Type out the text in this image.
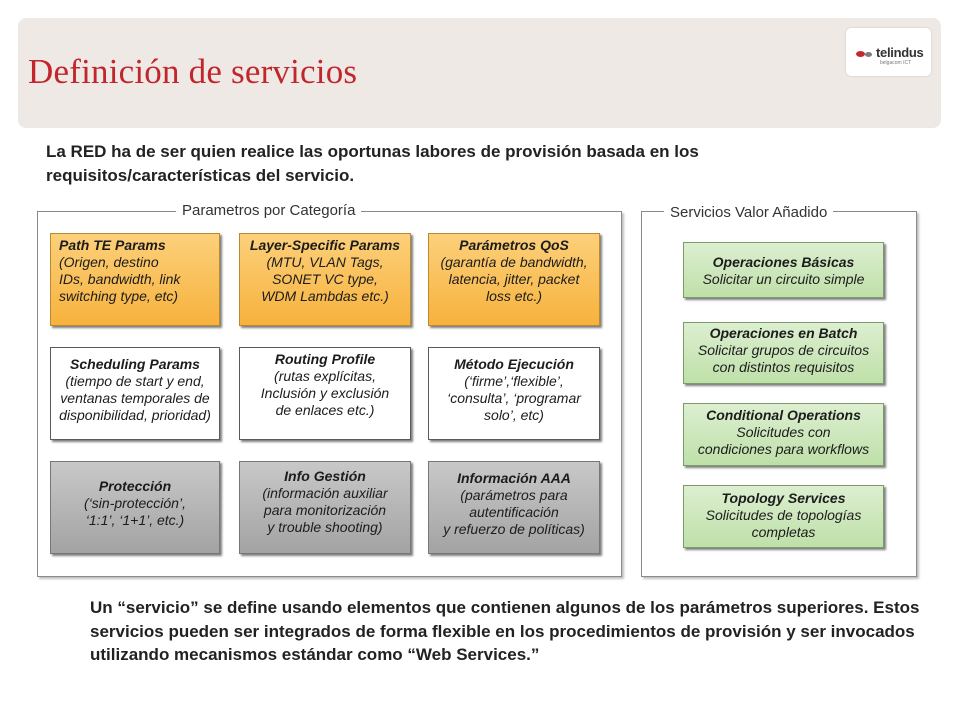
Definición de servicios	telindus
belgacom ICT
La RED ha de ser quien realice las oportunas labores de provisión basada en los requisitos/características del servicio.
Parametros por Categoría	Servicios Valor Añadido
Path TE Params
(Origen, destino
IDs, bandwidth, link
switching type, etc)
Layer-Specific Params
(MTU, VLAN Tags,
SONET VC type,
WDM Lambdas etc.)
Parámetros QoS
(garantía de bandwidth,
latencia, jitter, packet
loss etc.)
Scheduling Params
(tiempo de start y end,
ventanas temporales de
disponibilidad, prioridad)
Routing Profile
(rutas explícitas,
Inclusión y exclusión
de enlaces etc.)
Método Ejecución
(‘firme’,‘flexible’,
‘consulta’, ‘programar
solo’, etc)
Protección
(‘sin-protección’,
‘1:1’, ‘1+1’, etc.)
Info Gestión
(información auxiliar
para monitorización
y trouble shooting)
Información AAA
(parámetros para
autentificación
y refuerzo de políticas)
Operaciones Básicas
Solicitar un circuito simple
Operaciones en Batch
Solicitar grupos de circuitos
con distintos requisitos
Conditional Operations
Solicitudes con
condiciones para workflows
Topology Services
Solicitudes de topologías
completas
Un “servicio” se define usando elementos que contienen algunos de los parámetros superiores. Estos servicios pueden ser integrados de forma flexible en los procedimientos de provisión y ser invocados utilizando mecanismos estándar como “Web Services.”
